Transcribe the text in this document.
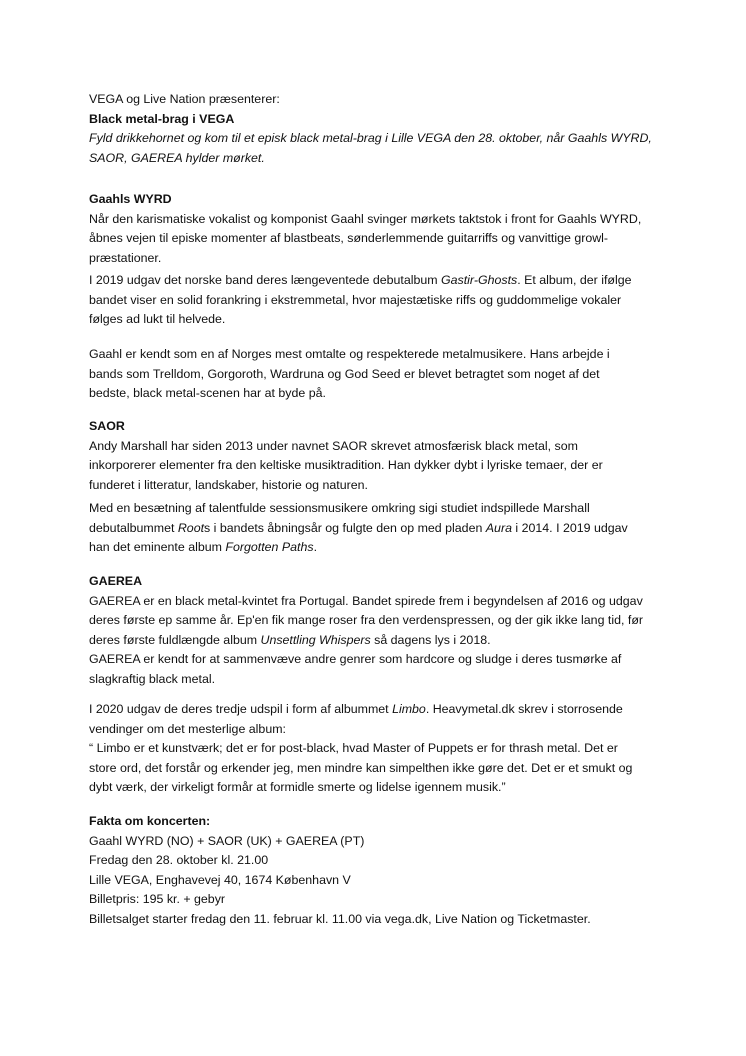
VEGA og Live Nation præsenterer:
Black metal-brag i VEGA
Fyld drikkehornet og kom til et episk black metal-brag i Lille VEGA den 28. oktober, når Gaahls WYRD,
SAOR, GAEREA hylder mørket.
Gaahls WYRD
Når den karismatiske vokalist og komponist Gaahl svinger mørkets taktstok i front for Gaahls WYRD,
åbnes vejen til episke momenter af blastbeats, sønderlemmende guitarriffs og vanvittige growl-
præstationer.
I 2019 udgav det norske band deres længeventede debutalbum Gastir-Ghosts. Et album, der ifølge
bandet viser en solid forankring i ekstremmetal, hvor majestætiske riffs og guddommelige vokaler
følges ad lukt til helvede.
Gaahl er kendt som en af Norges mest omtalte og respekterede metalmusikere. Hans arbejde i
bands som Trelldom, Gorgoroth, Wardruna og God Seed er blevet betragtet som noget af det
bedste, black metal-scenen har at byde på.
SAOR
Andy Marshall har siden 2013 under navnet SAOR skrevet atmosfærisk black metal, som
inkorporerer elementer fra den keltiske musiktradition. Han dykker dybt i lyriske temaer, der er
funderet i litteratur, landskaber, historie og naturen.
Med en besætning af talentfulde sessionsmusikere omkring sigi studiet indspillede Marshall
debutalbummet Roots i bandets åbningsår og fulgte den op med pladen Aura i 2014. I 2019 udgav
han det eminente album Forgotten Paths.
GAEREA
GAEREA er en black metal-kvintet fra Portugal. Bandet spirede frem i begyndelsen af 2016 og udgav
deres første ep samme år. Ep'en fik mange roser fra den verdenspressen, og der gik ikke lang tid, før
deres første fuldlængde album Unsettling Whispers så dagens lys i 2018.
GAEREA er kendt for at sammenvæve andre genrer som hardcore og sludge i deres tusmørke af
slagkraftig black metal.
I 2020 udgav de deres tredje udspil i form af albummet Limbo. Heavymetal.dk skrev i storrosende
vendinger om det mesterlige album:
“ Limbo er et kunstværk; det er for post-black, hvad Master of Puppets er for thrash metal. Det er
store ord, det forstår og erkender jeg, men mindre kan simpelthen ikke gøre det. Det er et smukt og
dybt værk, der virkeligt formår at formidle smerte og lidelse igennem musik.”
Fakta om koncerten:
Gaahl WYRD (NO) + SAOR (UK) + GAEREA (PT)
Fredag den 28. oktober kl. 21.00
Lille VEGA, Enghavevej 40, 1674 København V
Billetpris: 195 kr. + gebyr
Billetsalget starter fredag den 11. februar kl. 11.00 via vega.dk, Live Nation og Ticketmaster.
